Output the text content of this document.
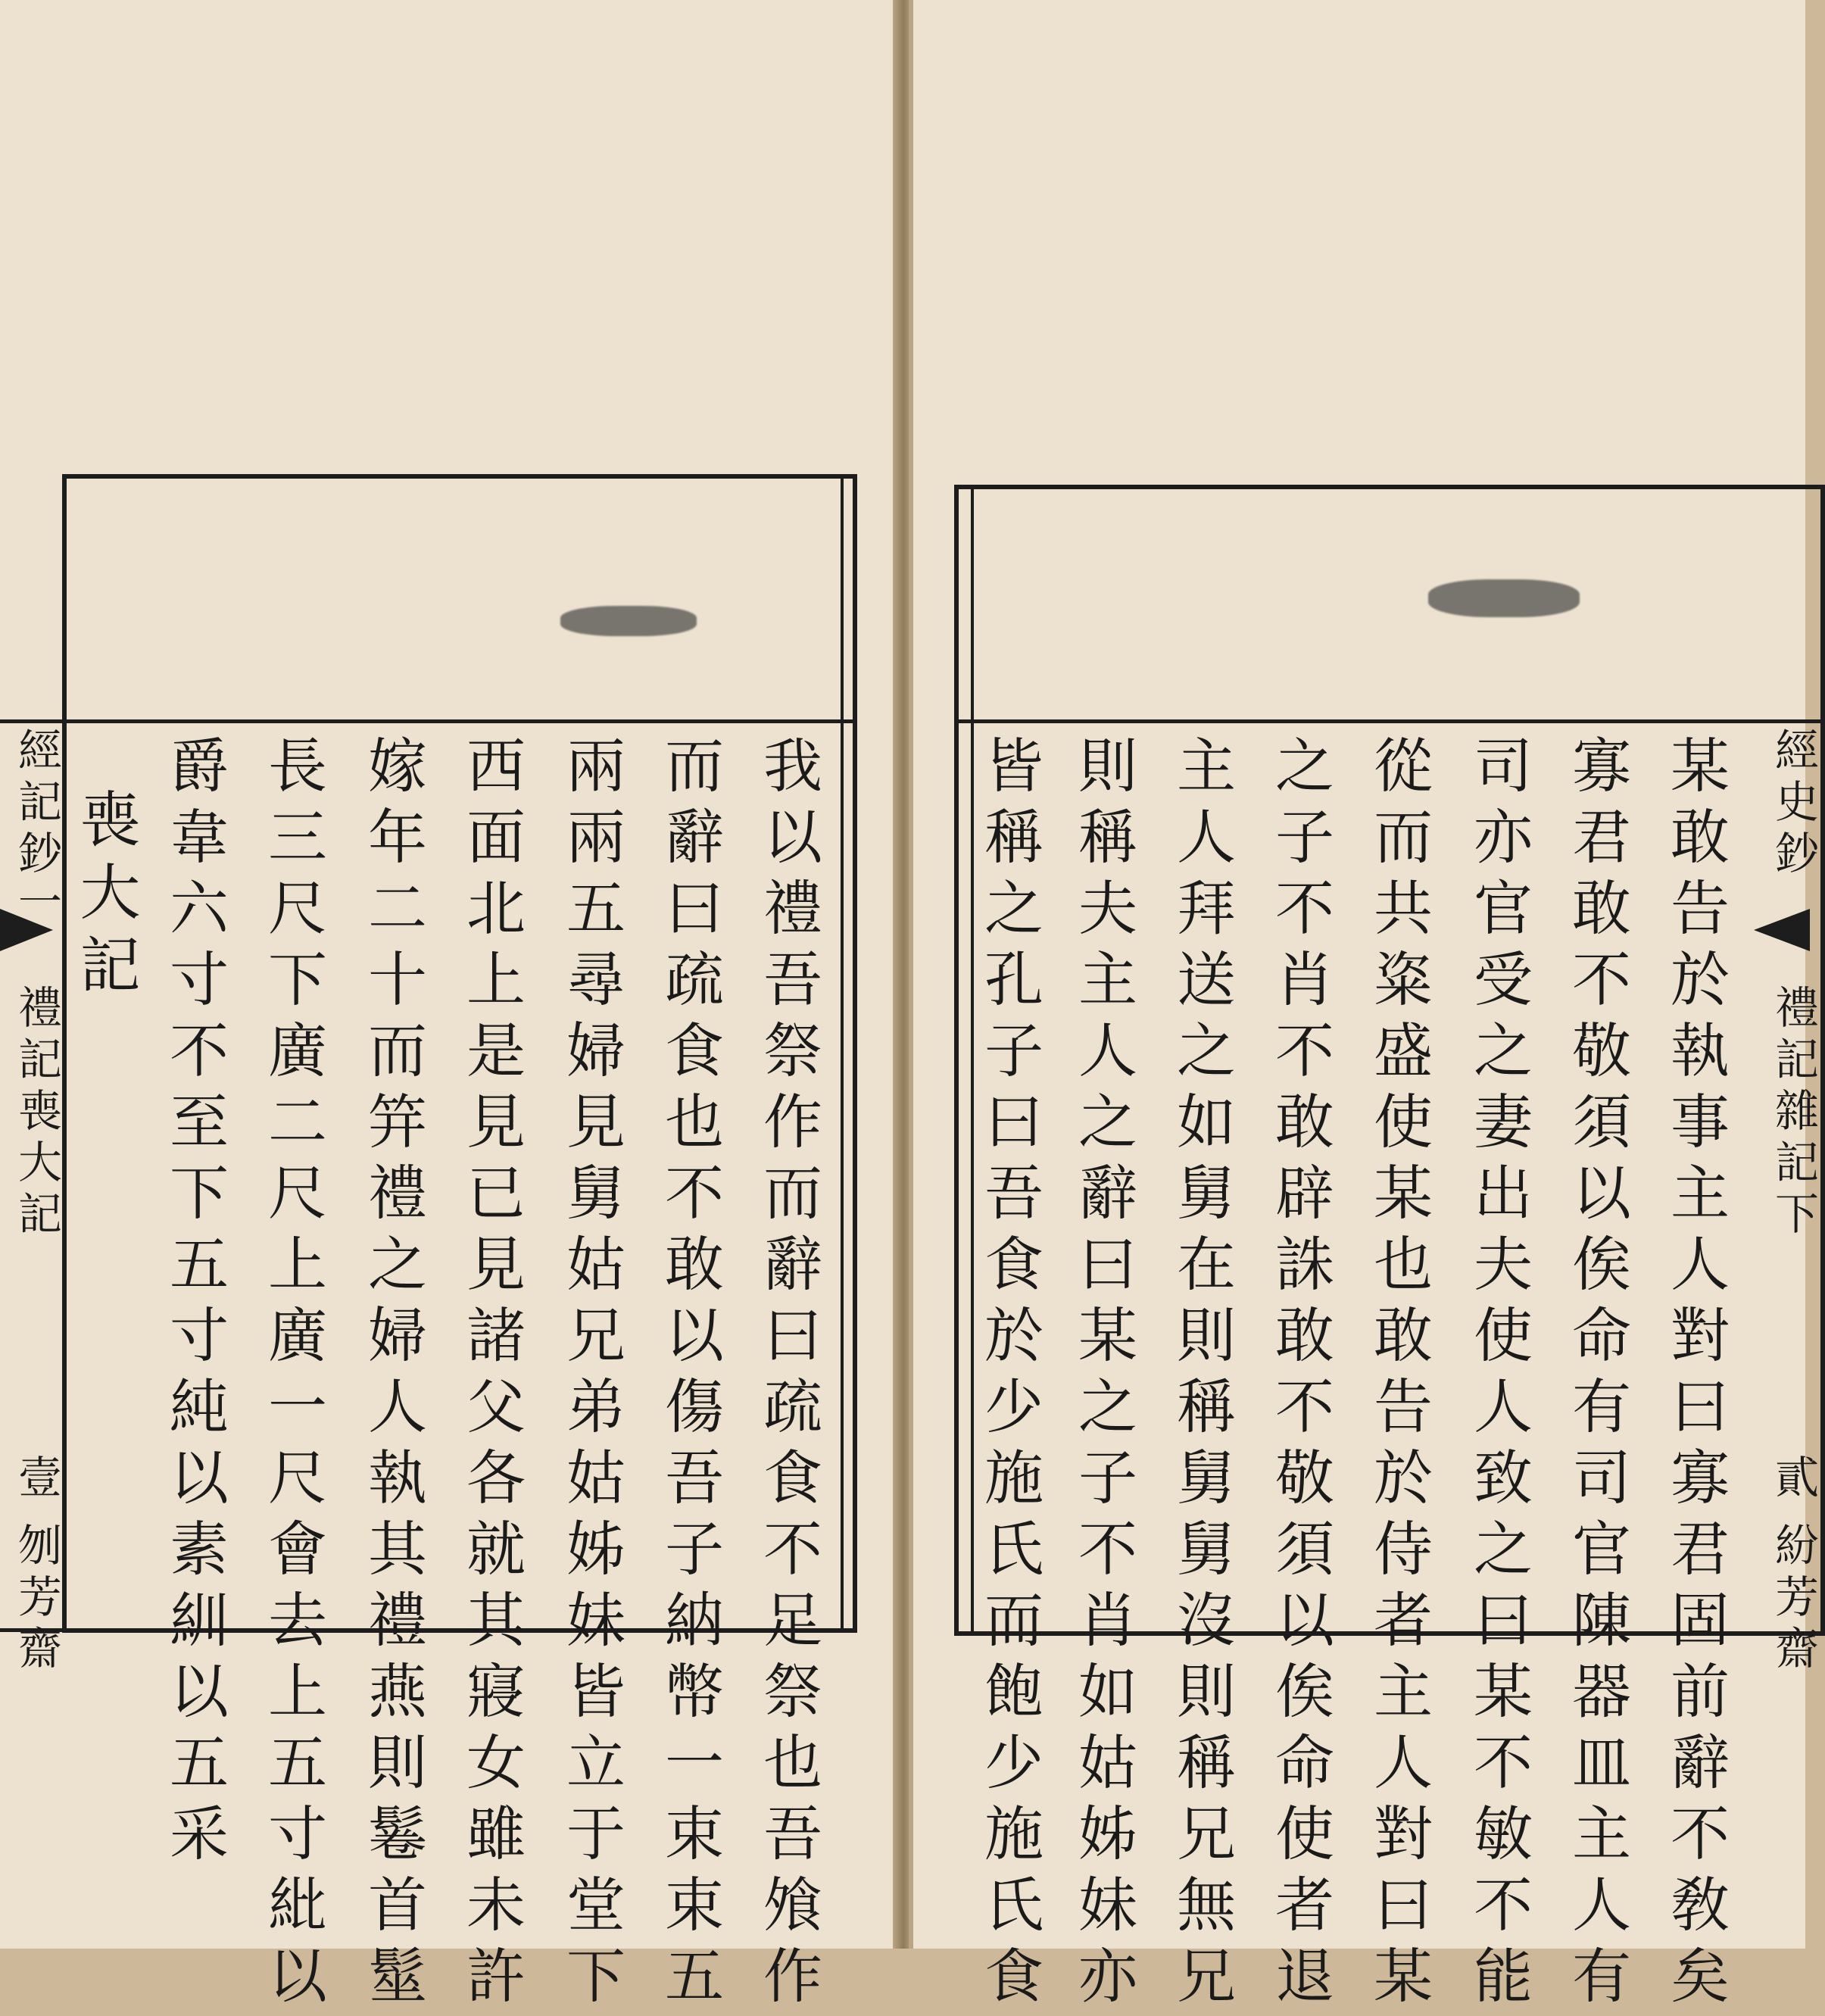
我以禮吾祭作而辭曰疏食不足祭也吾飧作
而辭曰疏食也不敢以傷吾子納幣一束束五
兩兩五尋婦見舅姑兄弟姑姊妹皆立于堂下
西面北上是見已見諸父各就其寢女雖未許
嫁年二十而笄禮之婦人執其禮燕則鬈首髽
長三尺下廣二尺上廣一尺會去上五寸紕以
爵韋六寸不至下五寸純以素紃以五采
喪大記
經記鈔
一
禮記喪大記
壹
刎芳齋
	某敢告於執事主人對曰寡君固前辭不敎矣
寡君敢不敬須以俟命有司官陳器皿主人有
司亦官受之妻出夫使人致之曰某不敏不能
從而共粢盛使某也敢告於侍者主人對曰某
之子不肖不敢辟誅敢不敬須以俟命使者退
主人拜送之如舅在則稱舅舅沒則稱兄無兄
則稱夫主人之辭曰某之子不肖如姑姊妹亦
皆稱之孔子曰吾食於少施氏而飽少施氏食	經史鈔
禮記雜記下
貳
紛芳齋
